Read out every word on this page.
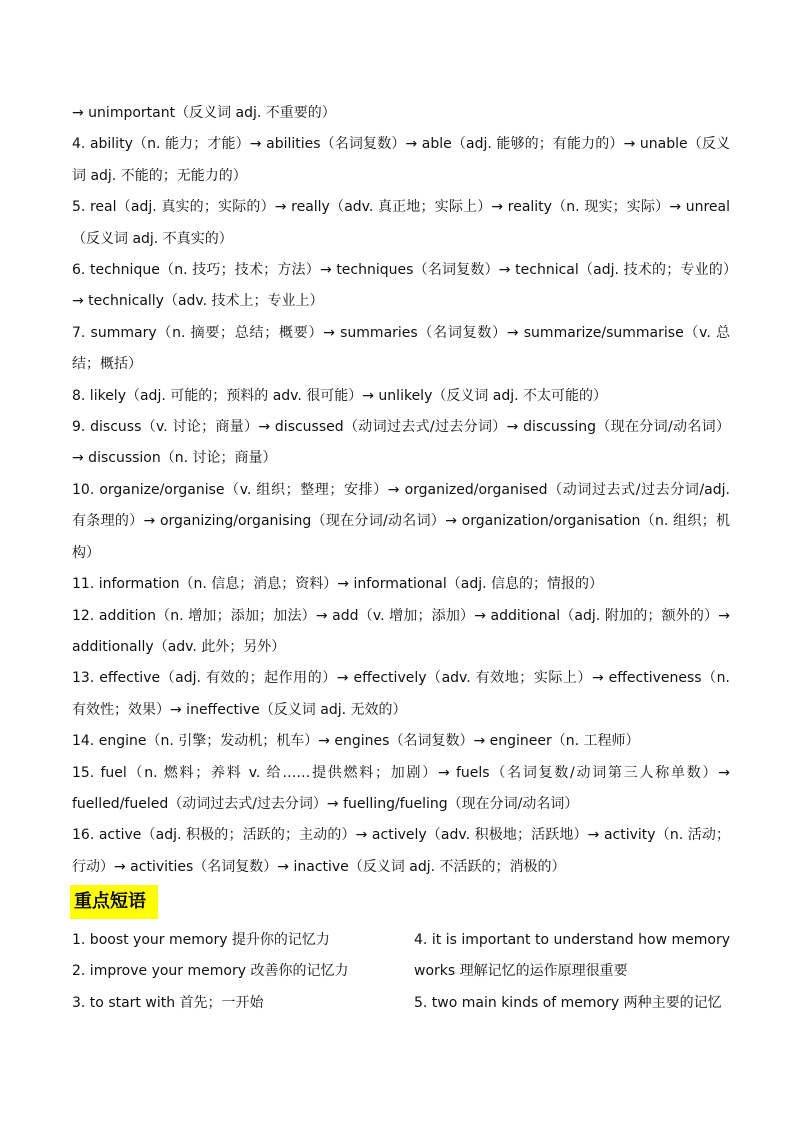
→ unimportant（反义词 adj. 不重要的）

4. ability（n. 能力；才能）→ abilities（名词复数）→ able（adj. 能够的；有能力的）→ unable（反义词 adj. 不能的；无能力的）

5. real（adj. 真实的；实际的）→ really（adv. 真正地；实际上）→ reality（n. 现实；实际）→ unreal（反义词 adj. 不真实的）

6. technique（n. 技巧；技术；方法）→ techniques（名词复数）→ technical（adj. 技术的；专业的）→ technically（adv. 技术上；专业上）

7. summary（n. 摘要；总结；概要）→ summaries（名词复数）→ summarize/summarise（v. 总结；概括）

8. likely（adj. 可能的；预料的 adv. 很可能）→ unlikely（反义词 adj. 不太可能的）

9. discuss（v. 讨论；商量）→ discussed（动词过去式/过去分词）→ discussing（现在分词/动名词）→ discussion（n. 讨论；商量）

10. organize/organise（v. 组织；整理；安排）→ organized/organised（动词过去式/过去分词/adj. 有条理的）→ organizing/organising（现在分词/动名词）→ organization/organisation（n. 组织；机构）

11. information（n. 信息；消息；资料）→ informational（adj. 信息的；情报的）

12. addition（n. 增加；添加；加法）→ add（v. 增加；添加）→ additional（adj. 附加的；额外的）→ additionally（adv. 此外；另外）

13. effective（adj. 有效的；起作用的）→ effectively（adv. 有效地；实际上）→ effectiveness（n. 有效性；效果）→ ineffective（反义词 adj. 无效的）

14. engine（n. 引擎；发动机；机车）→ engines（名词复数）→ engineer（n. 工程师）

15. fuel（n. 燃料；养料 v. 给……提供燃料；加剧）→ fuels（名词复数/动词第三人称单数）→ fuelled/fueled（动词过去式/过去分词）→ fuelling/fueling（现在分词/动名词）

16. active（adj. 积极的；活跃的；主动的）→ actively（adv. 积极地；活跃地）→ activity（n. 活动；行动）→ activities（名词复数）→ inactive（反义词 adj. 不活跃的；消极的）

重点短语

1. boost your memory 提升你的记忆力

2. improve your memory 改善你的记忆力

3. to start with 首先；一开始

4. it is important to understand how memory

works 理解记忆的运作原理很重要

5. two main kinds of memory 两种主要的记忆
